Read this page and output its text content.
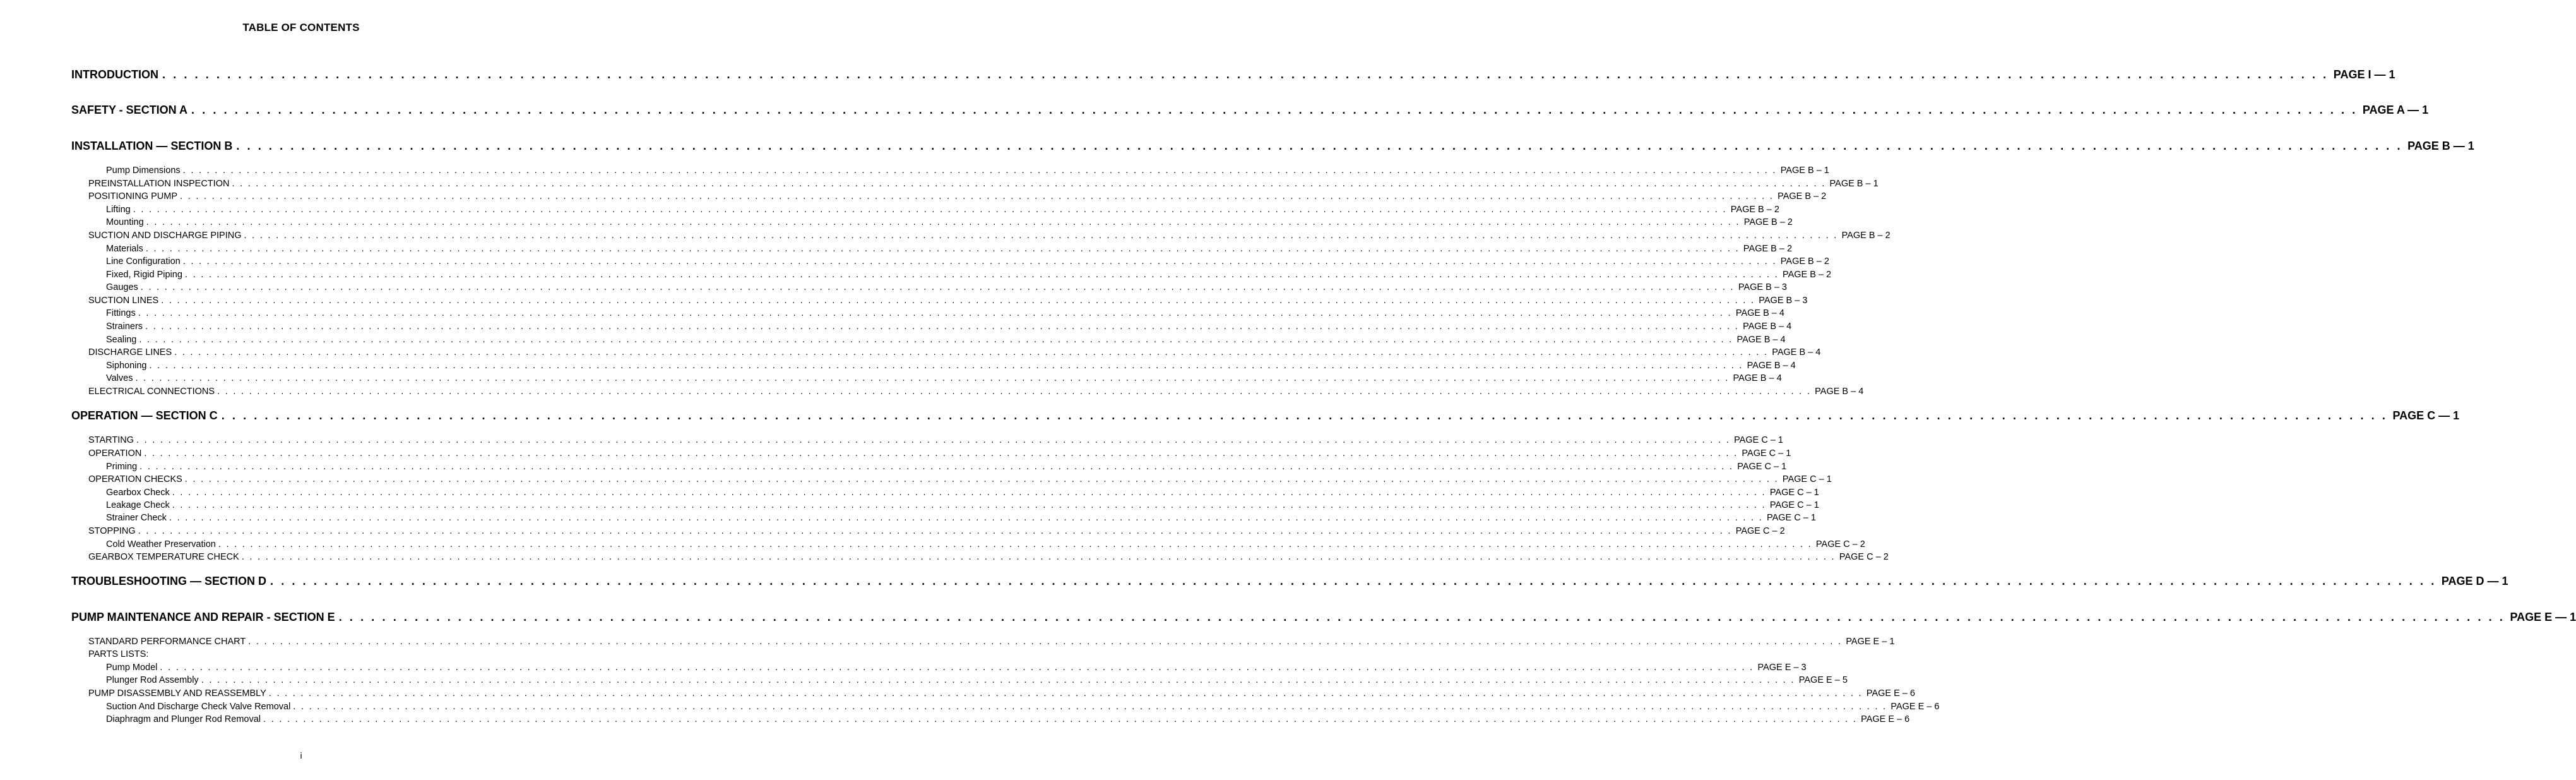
TABLE OF CONTENTS
INTRODUCTION . . . . . . . . . . . . . . . . . . . . . . . . . . . . . . . . . . . . . . . . . . . . . . . . . . . . . . . . . . . . . . . . . . . . . . . . . . . . . . . . . . . . . . . . . . . . . . . . . . . . . . . . . . . . . . . . . . . . . . . . . . . . . . . . . . . . . . . . . . . . . . . . . . . . . . . . . . . . . . . . . . . . . . . . . . . . . . . . . . . . . . . . . . . . . . . . . . . . . . . . PAGE I — 1
SAFETY - SECTION A . . . . . . . . . . . . . . . . . . . . . . . . . . . . . . . . . . . . . . . . . . . . . . . . . . . . . . . . . . . . . . . . . . . . . . . . . . . . . . . . . . . . . . . . . . . . . . . . . . . . . . . . . . . . . . . . . . . . . . . . . . . . . . . . . . . . . . . . . . . . . . . . . . . . . . . . . . . . . . . . . . . . . . . . . . . . . . . . . . . . . . . . . . . . . . . . . . . . . . . . PAGE A — 1
INSTALLATION — SECTION B . . . . . . . . . . . . . . . . . . . . . . . . . . . . . . . . . . . . . . . . . . . . . . . . . . . . . . . . . . . . . . . . . . . . . . . . . . . . . . . . . . . . . . . . . . . . . . . . . . . . . . . . . . . . . . . . . . . . . . . . . . . . . . . . . . . . . . . . . . . . . . . . . . . . . . . . . . . . . . . . . . . . . . . . . . . . . . . . . . . . . . . . . . . . . . . . . . . . . . . . PAGE B — 1
Pump Dimensions . . . . . . . . . . . . . . . . . . . . . . . . . . . . . . . . . . . . . . . . . . . . . . . . . . . . . . . . . . . . . . . . . . . . . . . . . . . . . . . . . . . . . . . . . . . . . . . . . . . . . . . . . . . . . . . . . . . . . . . . . . . . . . . . . . . . . . . . . . . . . . . . . . . . . . . . . . . . . . . . . . . . . . . . . . . . . . . . . . . . . . . . . . . . . . . . . . . . . . . . PAGE B – 1
PREINSTALLATION INSPECTION . . . . . . . . . . . . . . . . . . . . . . . . . . . . . . . . . . . . . . . . . . . . . . . . . . . . . . . . . . . . . . . . . . . . . . . . . . . . . . . . . . . . . . . . . . . . . . . . . . . . . . . . . . . . . . . . . . . . . . . . . . . . . . . . . . . . . . . . . . . . . . . . . . . . . . . . . . . . . . . . . . . . . . . . . . . . . . . . . . . . . . . . . . . . . . . . . . . . . . . . PAGE B – 1
POSITIONING PUMP . . . . . . . . . . . . . . . . . . . . . . . . . . . . . . . . . . . . . . . . . . . . . . . . . . . . . . . . . . . . . . . . . . . . . . . . . . . . . . . . . . . . . . . . . . . . . . . . . . . . . . . . . . . . . . . . . . . . . . . . . . . . . . . . . . . . . . . . . . . . . . . . . . . . . . . . . . . . . . . . . . . . . . . . . . . . . . . . . . . . . . . . . . . . . . . . . . . . . . . . PAGE B – 2
Lifting . . . . . . . . . . . . . . . . . . . . . . . . . . . . . . . . . . . . . . . . . . . . . . . . . . . . . . . . . . . . . . . . . . . . . . . . . . . . . . . . . . . . . . . . . . . . . . . . . . . . . . . . . . . . . . . . . . . . . . . . . . . . . . . . . . . . . . . . . . . . . . . . . . . . . . . . . . . . . . . . . . . . . . . . . . . . . . . . . . . . . . . . . . . . . . . . . . . . . . . . PAGE B – 2
Mounting . . . . . . . . . . . . . . . . . . . . . . . . . . . . . . . . . . . . . . . . . . . . . . . . . . . . . . . . . . . . . . . . . . . . . . . . . . . . . . . . . . . . . . . . . . . . . . . . . . . . . . . . . . . . . . . . . . . . . . . . . . . . . . . . . . . . . . . . . . . . . . . . . . . . . . . . . . . . . . . . . . . . . . . . . . . . . . . . . . . . . . . . . . . . . . . . . . . . . . . . PAGE B – 2
SUCTION AND DISCHARGE PIPING . . . . . . . . . . . . . . . . . . . . . . . . . . . . . . . . . . . . . . . . . . . . . . . . . . . . . . . . . . . . . . . . . . . . . . . . . . . . . . . . . . . . . . . . . . . . . . . . . . . . . . . . . . . . . . . . . . . . . . . . . . . . . . . . . . . . . . . . . . . . . . . . . . . . . . . . . . . . . . . . . . . . . . . . . . . . . . . . . . . . . . . . . . . . . . . . . . . . . . . . PAGE B – 2
Materials . . . . . . . . . . . . . . . . . . . . . . . . . . . . . . . . . . . . . . . . . . . . . . . . . . . . . . . . . . . . . . . . . . . . . . . . . . . . . . . . . . . . . . . . . . . . . . . . . . . . . . . . . . . . . . . . . . . . . . . . . . . . . . . . . . . . . . . . . . . . . . . . . . . . . . . . . . . . . . . . . . . . . . . . . . . . . . . . . . . . . . . . . . . . . . . . . . . . . . . . PAGE B – 2
Line Configuration . . . . . . . . . . . . . . . . . . . . . . . . . . . . . . . . . . . . . . . . . . . . . . . . . . . . . . . . . . . . . . . . . . . . . . . . . . . . . . . . . . . . . . . . . . . . . . . . . . . . . . . . . . . . . . . . . . . . . . . . . . . . . . . . . . . . . . . . . . . . . . . . . . . . . . . . . . . . . . . . . . . . . . . . . . . . . . . . . . . . . . . . . . . . . . . . . . . . . . . . PAGE B – 2
Fixed, Rigid Piping . . . . . . . . . . . . . . . . . . . . . . . . . . . . . . . . . . . . . . . . . . . . . . . . . . . . . . . . . . . . . . . . . . . . . . . . . . . . . . . . . . . . . . . . . . . . . . . . . . . . . . . . . . . . . . . . . . . . . . . . . . . . . . . . . . . . . . . . . . . . . . . . . . . . . . . . . . . . . . . . . . . . . . . . . . . . . . . . . . . . . . . . . . . . . . . . . . . . . . . . PAGE B – 2
Gauges . . . . . . . . . . . . . . . . . . . . . . . . . . . . . . . . . . . . . . . . . . . . . . . . . . . . . . . . . . . . . . . . . . . . . . . . . . . . . . . . . . . . . . . . . . . . . . . . . . . . . . . . . . . . . . . . . . . . . . . . . . . . . . . . . . . . . . . . . . . . . . . . . . . . . . . . . . . . . . . . . . . . . . . . . . . . . . . . . . . . . . . . . . . . . . . . . . . . . . . . PAGE B – 3
SUCTION LINES . . . . . . . . . . . . . . . . . . . . . . . . . . . . . . . . . . . . . . . . . . . . . . . . . . . . . . . . . . . . . . . . . . . . . . . . . . . . . . . . . . . . . . . . . . . . . . . . . . . . . . . . . . . . . . . . . . . . . . . . . . . . . . . . . . . . . . . . . . . . . . . . . . . . . . . . . . . . . . . . . . . . . . . . . . . . . . . . . . . . . . . . . . . . . . . . . . . . . . . . PAGE B – 3
Fittings . . . . . . . . . . . . . . . . . . . . . . . . . . . . . . . . . . . . . . . . . . . . . . . . . . . . . . . . . . . . . . . . . . . . . . . . . . . . . . . . . . . . . . . . . . . . . . . . . . . . . . . . . . . . . . . . . . . . . . . . . . . . . . . . . . . . . . . . . . . . . . . . . . . . . . . . . . . . . . . . . . . . . . . . . . . . . . . . . . . . . . . . . . . . . . . . . . . . . . . . PAGE B – 4
Strainers . . . . . . . . . . . . . . . . . . . . . . . . . . . . . . . . . . . . . . . . . . . . . . . . . . . . . . . . . . . . . . . . . . . . . . . . . . . . . . . . . . . . . . . . . . . . . . . . . . . . . . . . . . . . . . . . . . . . . . . . . . . . . . . . . . . . . . . . . . . . . . . . . . . . . . . . . . . . . . . . . . . . . . . . . . . . . . . . . . . . . . . . . . . . . . . . . . . . . . . . PAGE B – 4
Sealing . . . . . . . . . . . . . . . . . . . . . . . . . . . . . . . . . . . . . . . . . . . . . . . . . . . . . . . . . . . . . . . . . . . . . . . . . . . . . . . . . . . . . . . . . . . . . . . . . . . . . . . . . . . . . . . . . . . . . . . . . . . . . . . . . . . . . . . . . . . . . . . . . . . . . . . . . . . . . . . . . . . . . . . . . . . . . . . . . . . . . . . . . . . . . . . . . . . . . . . . PAGE B – 4
DISCHARGE LINES . . . . . . . . . . . . . . . . . . . . . . . . . . . . . . . . . . . . . . . . . . . . . . . . . . . . . . . . . . . . . . . . . . . . . . . . . . . . . . . . . . . . . . . . . . . . . . . . . . . . . . . . . . . . . . . . . . . . . . . . . . . . . . . . . . . . . . . . . . . . . . . . . . . . . . . . . . . . . . . . . . . . . . . . . . . . . . . . . . . . . . . . . . . . . . . . . . . . . . . . PAGE B – 4
Siphoning . . . . . . . . . . . . . . . . . . . . . . . . . . . . . . . . . . . . . . . . . . . . . . . . . . . . . . . . . . . . . . . . . . . . . . . . . . . . . . . . . . . . . . . . . . . . . . . . . . . . . . . . . . . . . . . . . . . . . . . . . . . . . . . . . . . . . . . . . . . . . . . . . . . . . . . . . . . . . . . . . . . . . . . . . . . . . . . . . . . . . . . . . . . . . . . . . . . . . . . . PAGE B – 4
Valves . . . . . . . . . . . . . . . . . . . . . . . . . . . . . . . . . . . . . . . . . . . . . . . . . . . . . . . . . . . . . . . . . . . . . . . . . . . . . . . . . . . . . . . . . . . . . . . . . . . . . . . . . . . . . . . . . . . . . . . . . . . . . . . . . . . . . . . . . . . . . . . . . . . . . . . . . . . . . . . . . . . . . . . . . . . . . . . . . . . . . . . . . . . . . . . . . . . . . . . . PAGE B – 4
ELECTRICAL CONNECTIONS . . . . . . . . . . . . . . . . . . . . . . . . . . . . . . . . . . . . . . . . . . . . . . . . . . . . . . . . . . . . . . . . . . . . . . . . . . . . . . . . . . . . . . . . . . . . . . . . . . . . . . . . . . . . . . . . . . . . . . . . . . . . . . . . . . . . . . . . . . . . . . . . . . . . . . . . . . . . . . . . . . . . . . . . . . . . . . . . . . . . . . . . . . . . . . . . . . . . . . . . PAGE B – 4
OPERATION — SECTION C . . . . . . . . . . . . . . . . . . . . . . . . . . . . . . . . . . . . . . . . . . . . . . . . . . . . . . . . . . . . . . . . . . . . . . . . . . . . . . . . . . . . . . . . . . . . . . . . . . . . . . . . . . . . . . . . . . . . . . . . . . . . . . . . . . . . . . . . . . . . . . . . . . . . . . . . . . . . . . . . . . . . . . . . . . . . . . . . . . . . . . . . . . . . . . . . . . . . . . . . PAGE C — 1
STARTING . . . . . . . . . . . . . . . . . . . . . . . . . . . . . . . . . . . . . . . . . . . . . . . . . . . . . . . . . . . . . . . . . . . . . . . . . . . . . . . . . . . . . . . . . . . . . . . . . . . . . . . . . . . . . . . . . . . . . . . . . . . . . . . . . . . . . . . . . . . . . . . . . . . . . . . . . . . . . . . . . . . . . . . . . . . . . . . . . . . . . . . . . . . . . . . . . . . . . . . . PAGE C – 1
OPERATION . . . . . . . . . . . . . . . . . . . . . . . . . . . . . . . . . . . . . . . . . . . . . . . . . . . . . . . . . . . . . . . . . . . . . . . . . . . . . . . . . . . . . . . . . . . . . . . . . . . . . . . . . . . . . . . . . . . . . . . . . . . . . . . . . . . . . . . . . . . . . . . . . . . . . . . . . . . . . . . . . . . . . . . . . . . . . . . . . . . . . . . . . . . . . . . . . . . . . . . . PAGE C – 1
Priming . . . . . . . . . . . . . . . . . . . . . . . . . . . . . . . . . . . . . . . . . . . . . . . . . . . . . . . . . . . . . . . . . . . . . . . . . . . . . . . . . . . . . . . . . . . . . . . . . . . . . . . . . . . . . . . . . . . . . . . . . . . . . . . . . . . . . . . . . . . . . . . . . . . . . . . . . . . . . . . . . . . . . . . . . . . . . . . . . . . . . . . . . . . . . . . . . . . . . . . . PAGE C – 1
OPERATION CHECKS . . . . . . . . . . . . . . . . . . . . . . . . . . . . . . . . . . . . . . . . . . . . . . . . . . . . . . . . . . . . . . . . . . . . . . . . . . . . . . . . . . . . . . . . . . . . . . . . . . . . . . . . . . . . . . . . . . . . . . . . . . . . . . . . . . . . . . . . . . . . . . . . . . . . . . . . . . . . . . . . . . . . . . . . . . . . . . . . . . . . . . . . . . . . . . . . . . . . . . . . PAGE C – 1
Gearbox Check . . . . . . . . . . . . . . . . . . . . . . . . . . . . . . . . . . . . . . . . . . . . . . . . . . . . . . . . . . . . . . . . . . . . . . . . . . . . . . . . . . . . . . . . . . . . . . . . . . . . . . . . . . . . . . . . . . . . . . . . . . . . . . . . . . . . . . . . . . . . . . . . . . . . . . . . . . . . . . . . . . . . . . . . . . . . . . . . . . . . . . . . . . . . . . . . . . . . . . . . PAGE C – 1
Leakage Check . . . . . . . . . . . . . . . . . . . . . . . . . . . . . . . . . . . . . . . . . . . . . . . . . . . . . . . . . . . . . . . . . . . . . . . . . . . . . . . . . . . . . . . . . . . . . . . . . . . . . . . . . . . . . . . . . . . . . . . . . . . . . . . . . . . . . . . . . . . . . . . . . . . . . . . . . . . . . . . . . . . . . . . . . . . . . . . . . . . . . . . . . . . . . . . . . . . . . . . . PAGE C – 1
Strainer Check . . . . . . . . . . . . . . . . . . . . . . . . . . . . . . . . . . . . . . . . . . . . . . . . . . . . . . . . . . . . . . . . . . . . . . . . . . . . . . . . . . . . . . . . . . . . . . . . . . . . . . . . . . . . . . . . . . . . . . . . . . . . . . . . . . . . . . . . . . . . . . . . . . . . . . . . . . . . . . . . . . . . . . . . . . . . . . . . . . . . . . . . . . . . . . . . . . . . . . . . PAGE C – 1
STOPPING . . . . . . . . . . . . . . . . . . . . . . . . . . . . . . . . . . . . . . . . . . . . . . . . . . . . . . . . . . . . . . . . . . . . . . . . . . . . . . . . . . . . . . . . . . . . . . . . . . . . . . . . . . . . . . . . . . . . . . . . . . . . . . . . . . . . . . . . . . . . . . . . . . . . . . . . . . . . . . . . . . . . . . . . . . . . . . . . . . . . . . . . . . . . . . . . . . . . . . . . PAGE C – 2
Cold Weather Preservation . . . . . . . . . . . . . . . . . . . . . . . . . . . . . . . . . . . . . . . . . . . . . . . . . . . . . . . . . . . . . . . . . . . . . . . . . . . . . . . . . . . . . . . . . . . . . . . . . . . . . . . . . . . . . . . . . . . . . . . . . . . . . . . . . . . . . . . . . . . . . . . . . . . . . . . . . . . . . . . . . . . . . . . . . . . . . . . . . . . . . . . . . . . . . . . . . . . . . . . . PAGE C – 2
GEARBOX TEMPERATURE CHECK . . . . . . . . . . . . . . . . . . . . . . . . . . . . . . . . . . . . . . . . . . . . . . . . . . . . . . . . . . . . . . . . . . . . . . . . . . . . . . . . . . . . . . . . . . . . . . . . . . . . . . . . . . . . . . . . . . . . . . . . . . . . . . . . . . . . . . . . . . . . . . . . . . . . . . . . . . . . . . . . . . . . . . . . . . . . . . . . . . . . . . . . . . . . . . . . . . . . . . . . PAGE C – 2
TROUBLESHOOTING — SECTION D . . . . . . . . . . . . . . . . . . . . . . . . . . . . . . . . . . . . . . . . . . . . . . . . . . . . . . . . . . . . . . . . . . . . . . . . . . . . . . . . . . . . . . . . . . . . . . . . . . . . . . . . . . . . . . . . . . . . . . . . . . . . . . . . . . . . . . . . . . . . . . . . . . . . . . . . . . . . . . . . . . . . . . . . . . . . . . . . . . . . . . . . . . . . . . . . . . . . . . . . PAGE D — 1
PUMP MAINTENANCE AND REPAIR - SECTION E . . . . . . . . . . . . . . . . . . . . . . . . . . . . . . . . . . . . . . . . . . . . . . . . . . . . . . . . . . . . . . . . . . . . . . . . . . . . . . . . . . . . . . . . . . . . . . . . . . . . . . . . . . . . . . . . . . . . . . . . . . . . . . . . . . . . . . . . . . . . . . . . . . . . . . . . . . . . . . . . . . . . . . . . . . . . . . . . . . . . . . . . . . . . . . . . . . . . . . . . PAGE E — 1
STANDARD PERFORMANCE CHART . . . . . . . . . . . . . . . . . . . . . . . . . . . . . . . . . . . . . . . . . . . . . . . . . . . . . . . . . . . . . . . . . . . . . . . . . . . . . . . . . . . . . . . . . . . . . . . . . . . . . . . . . . . . . . . . . . . . . . . . . . . . . . . . . . . . . . . . . . . . . . . . . . . . . . . . . . . . . . . . . . . . . . . . . . . . . . . . . . . . . . . . . . . . . . . . . . . . . . . . PAGE E – 1
PARTS LISTS:
Pump Model . . . . . . . . . . . . . . . . . . . . . . . . . . . . . . . . . . . . . . . . . . . . . . . . . . . . . . . . . . . . . . . . . . . . . . . . . . . . . . . . . . . . . . . . . . . . . . . . . . . . . . . . . . . . . . . . . . . . . . . . . . . . . . . . . . . . . . . . . . . . . . . . . . . . . . . . . . . . . . . . . . . . . . . . . . . . . . . . . . . . . . . . . . . . . . . . . . . . . . . . PAGE E – 3
Plunger Rod Assembly . . . . . . . . . . . . . . . . . . . . . . . . . . . . . . . . . . . . . . . . . . . . . . . . . . . . . . . . . . . . . . . . . . . . . . . . . . . . . . . . . . . . . . . . . . . . . . . . . . . . . . . . . . . . . . . . . . . . . . . . . . . . . . . . . . . . . . . . . . . . . . . . . . . . . . . . . . . . . . . . . . . . . . . . . . . . . . . . . . . . . . . . . . . . . . . . . . . . . . . . PAGE E – 5
PUMP DISASSEMBLY AND REASSEMBLY . . . . . . . . . . . . . . . . . . . . . . . . . . . . . . . . . . . . . . . . . . . . . . . . . . . . . . . . . . . . . . . . . . . . . . . . . . . . . . . . . . . . . . . . . . . . . . . . . . . . . . . . . . . . . . . . . . . . . . . . . . . . . . . . . . . . . . . . . . . . . . . . . . . . . . . . . . . . . . . . . . . . . . . . . . . . . . . . . . . . . . . . . . . . . . . . . . . . . . . . PAGE E – 6
Suction And Discharge Check Valve Removal . . . . . . . . . . . . . . . . . . . . . . . . . . . . . . . . . . . . . . . . . . . . . . . . . . . . . . . . . . . . . . . . . . . . . . . . . . . . . . . . . . . . . . . . . . . . . . . . . . . . . . . . . . . . . . . . . . . . . . . . . . . . . . . . . . . . . . . . . . . . . . . . . . . . . . . . . . . . . . . . . . . . . . . . . . . . . . . . . . . . . . . . . . . . . . . . . . . . . . . . PAGE E – 6
Diaphragm and Plunger Rod Removal . . . . . . . . . . . . . . . . . . . . . . . . . . . . . . . . . . . . . . . . . . . . . . . . . . . . . . . . . . . . . . . . . . . . . . . . . . . . . . . . . . . . . . . . . . . . . . . . . . . . . . . . . . . . . . . . . . . . . . . . . . . . . . . . . . . . . . . . . . . . . . . . . . . . . . . . . . . . . . . . . . . . . . . . . . . . . . . . . . . . . . . . . . . . . . . . . . . . . . . . PAGE E – 6
i
